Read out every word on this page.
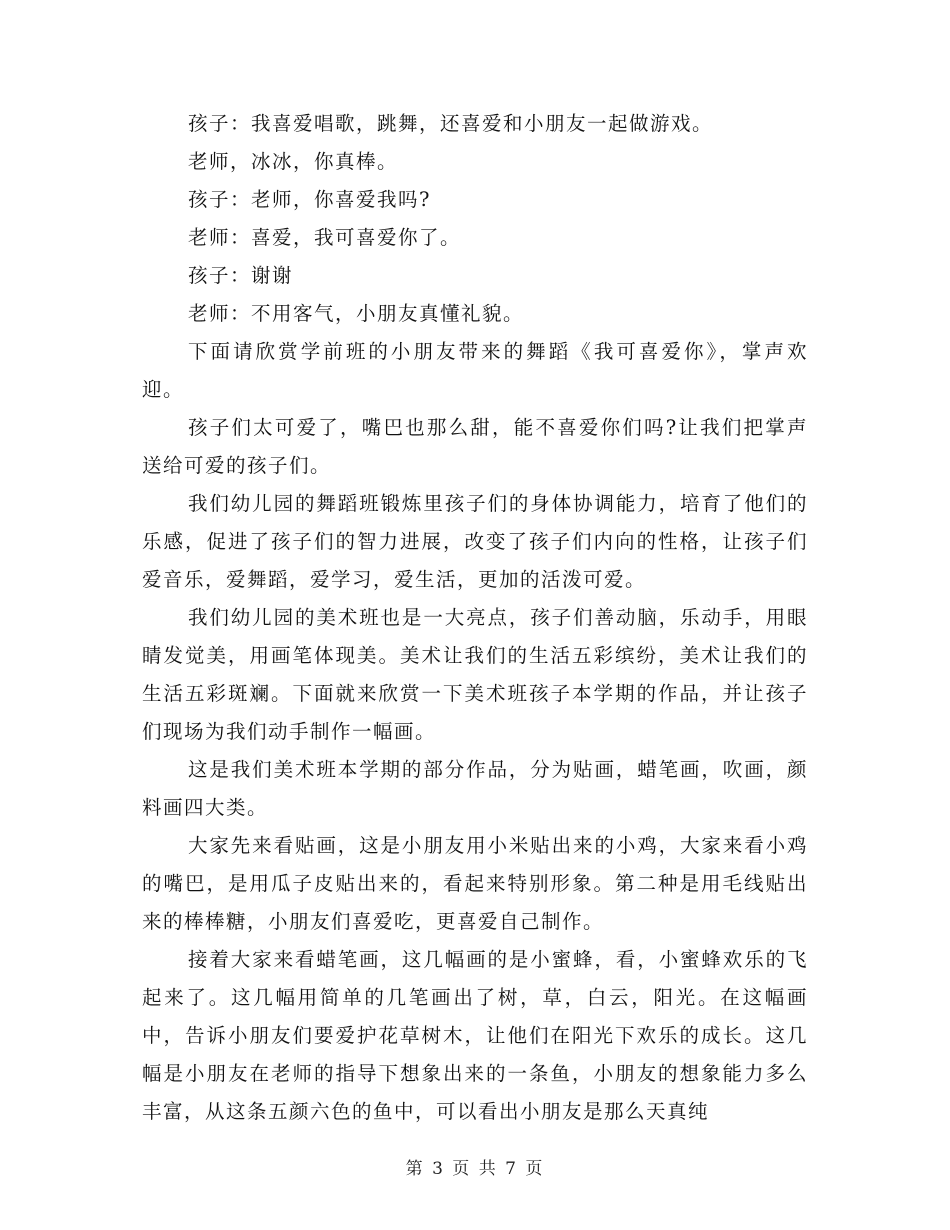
孩子：我喜爱唱歌，跳舞，还喜爱和小朋友一起做游戏。

老师，冰冰，你真棒。

孩子：老师，你喜爱我吗?

老师：喜爱，我可喜爱你了。

孩子：谢谢

老师：不用客气，小朋友真懂礼貌。

下面请欣赏学前班的小朋友带来的舞蹈《我可喜爱你》，掌声欢迎。

孩子们太可爱了，嘴巴也那么甜，能不喜爱你们吗?让我们把掌声送给可爱的孩子们。

我们幼儿园的舞蹈班锻炼里孩子们的身体协调能力，培育了他们的乐感，促进了孩子们的智力进展，改变了孩子们内向的性格，让孩子们爱音乐，爱舞蹈，爱学习，爱生活，更加的活泼可爱。

我们幼儿园的美术班也是一大亮点，孩子们善动脑，乐动手，用眼睛发觉美，用画笔体现美。美术让我们的生活五彩缤纷，美术让我们的生活五彩斑斓。下面就来欣赏一下美术班孩子本学期的作品，并让孩子们现场为我们动手制作一幅画。

这是我们美术班本学期的部分作品，分为贴画，蜡笔画，吹画，颜料画四大类。

大家先来看贴画，这是小朋友用小米贴出来的小鸡，大家来看小鸡的嘴巴，是用瓜子皮贴出来的，看起来特别形象。第二种是用毛线贴出来的棒棒糖，小朋友们喜爱吃，更喜爱自己制作。

接着大家来看蜡笔画，这几幅画的是小蜜蜂，看，小蜜蜂欢乐的飞起来了。这几幅用简单的几笔画出了树，草，白云，阳光。在这幅画中，告诉小朋友们要爱护花草树木，让他们在阳光下欢乐的成长。这几幅是小朋友在老师的指导下想象出来的一条鱼，小朋友的想象能力多么丰富，从这条五颜六色的鱼中，可以看出小朋友是那么天真纯

第 3 页 共 7 页
